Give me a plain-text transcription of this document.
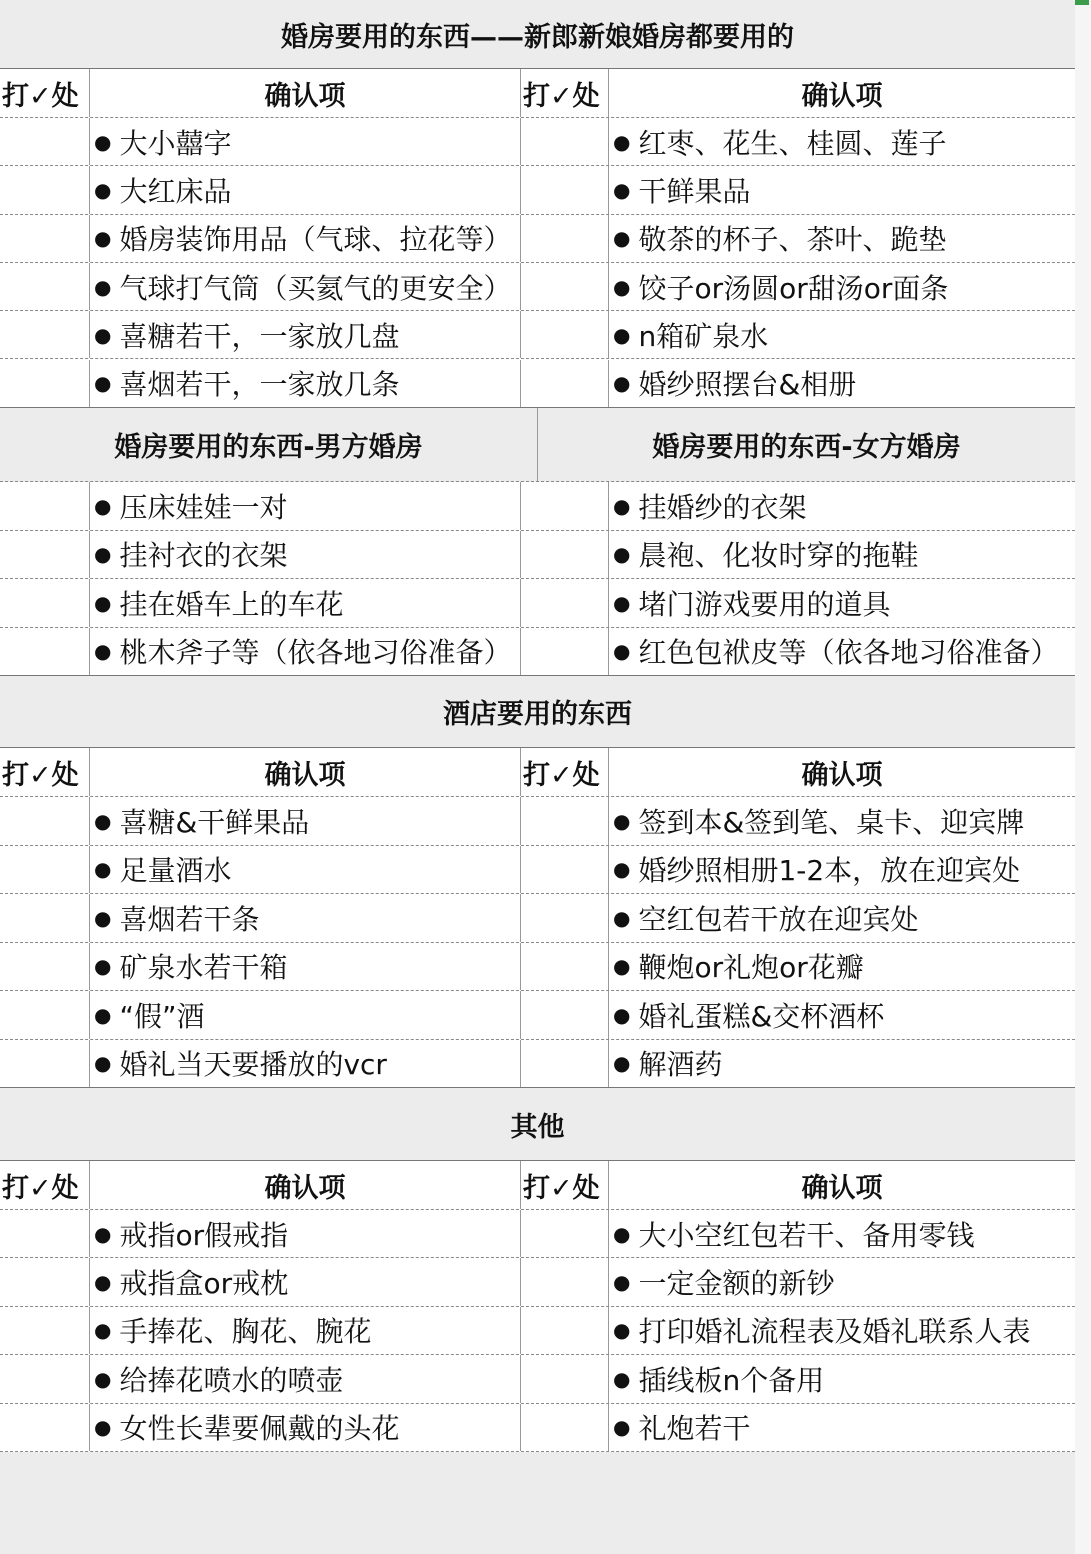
婚房要用的东西——新郎新娘婚房都要用的
打✓处	确认项	打✓处	确认项
● 大小囍字	● 红枣、花生、桂圆、莲子
● 大红床品	● 干鲜果品
● 婚房装饰用品（气球、拉花等）	● 敬茶的杯子、茶叶、跪垫
● 气球打气筒（买氦气的更安全）	● 饺子or汤圆or甜汤or面条
● 喜糖若干，一家放几盘	● n箱矿泉水
● 喜烟若干，一家放几条	● 婚纱照摆台&相册
婚房要用的东西-男方婚房	婚房要用的东西-女方婚房
● 压床娃娃一对	● 挂婚纱的衣架
● 挂衬衣的衣架	● 晨袍、化妆时穿的拖鞋
● 挂在婚车上的车花	● 堵门游戏要用的道具
● 桃木斧子等（依各地习俗准备）	● 红色包袱皮等（依各地习俗准备）
酒店要用的东西
打✓处	确认项	打✓处	确认项
● 喜糖&干鲜果品	● 签到本&签到笔、桌卡、迎宾牌
● 足量酒水	● 婚纱照相册1-2本，放在迎宾处
● 喜烟若干条	● 空红包若干放在迎宾处
● 矿泉水若干箱	● 鞭炮or礼炮or花瓣
● “假”酒	● 婚礼蛋糕&交杯酒杯
● 婚礼当天要播放的vcr	● 解酒药
其他
打✓处	确认项	打✓处	确认项
● 戒指or假戒指	● 大小空红包若干、备用零钱
● 戒指盒or戒枕	● 一定金额的新钞
● 手捧花、胸花、腕花	● 打印婚礼流程表及婚礼联系人表
● 给捧花喷水的喷壶	● 插线板n个备用
● 女性长辈要佩戴的头花	● 礼炮若干
